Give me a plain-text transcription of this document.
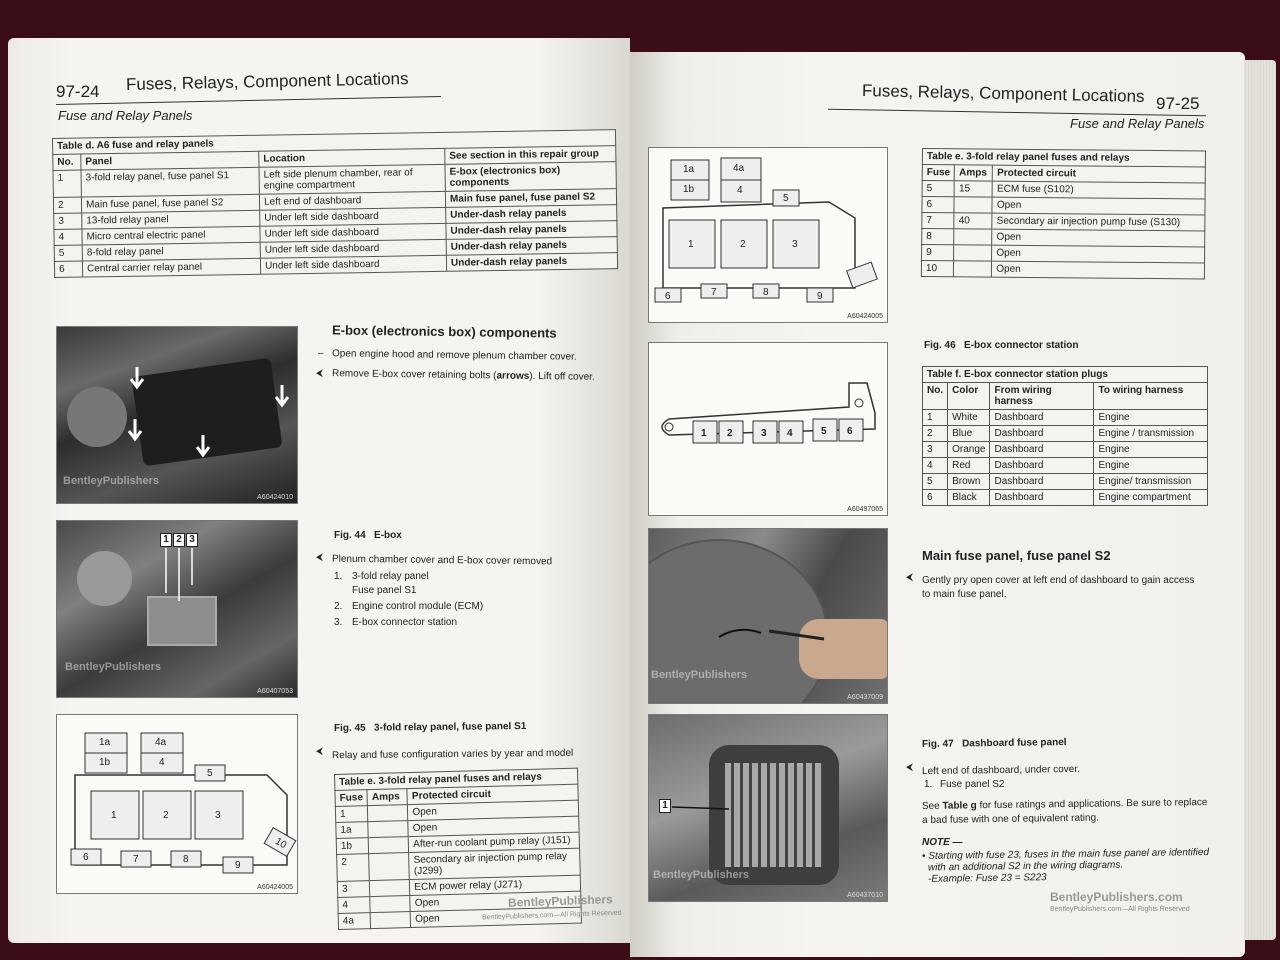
97-24 Fuses, Relays, Component Locations
Fuse and Relay Panels
Table d. A6 fuse and relay panels			
No.	Panel	Location	See section in this repair group
1	3-fold relay panel, fuse panel S1	Left side plenum chamber, rear of engine compartment	E-box (electronics box) components
2	Main fuse panel, fuse panel S2	Left end of dashboard	Main fuse panel, fuse panel S2
3	13-fold relay panel	Under left side dashboard	Under-dash relay panels
4	Micro central electric panel	Under left side dashboard	Under-dash relay panels
5	8-fold relay panel	Under left side dashboard	Under-dash relay panels
6	Central carrier relay panel	Under left side dashboard	Under-dash relay panels
BentleyPublishers
A60424010
E-box (electronics box) components
– Open engine hood and remove plenum chamber cover.
⮜ Remove E-box cover retaining bolts (arrows). Lift off cover.
1 2 3
BentleyPublishers
A60407053
Fig. 44 E-box
⮜ Plenum chamber cover and E-box cover removed
1. 3-fold relay panel
Fuse panel S1
2. Engine control module (ECM)
3. E-box connector station
1a
1b
4a
4
5
1	2	3
6	7	8
9
10
A60424005
Fig. 45 3-fold relay panel, fuse panel S1
⮜ Relay and fuse configuration varies by year and model
Table e. 3-fold relay panel fuses and relays		
Fuse	Amps	Protected circuit
1		Open
1a		Open
1b		After-run coolant pump relay (J151)
2		Secondary air injection pump relay (J299)
3		ECM power relay (J271)
4		Open
4a		Open
BentleyPublishers
BentleyPublishers.com—All Rights Reserved
Fuses, Relays, Component Locations 97-25
Fuse and Relay Panels
1a
1b
4a
4
5
1	2	3
6	7	8	9
A60424005
Table e. 3-fold relay panel fuses and relays		
Fuse	Amps	Protected circuit
5	15	ECM fuse (S102)
6		Open
7	40	Secondary air injection pump fuse (S130)
8		Open
9		Open
10		Open
Fig. 46 E-box connector station
1 2	3 4	5 6
A60497065
Table f. E-box connector station plugs			
No.	Color	From wiring harness	To wiring harness
1	White	Dashboard	Engine
2	Blue	Dashboard	Engine / transmission
3	Orange	Dashboard	Engine
4	Red	Dashboard	Engine
5	Brown	Dashboard	Engine/ transmission
6	Black	Dashboard	Engine compartment
BentleyPublishers
A60437009
Main fuse panel, fuse panel S2
⮜ Gently pry open cover at left end of dashboard to gain access to main fuse panel.
1
BentleyPublishers
A60437010
Fig. 47 Dashboard fuse panel
⮜ Left end of dashboard, under cover.
1. Fuse panel S2
See Table g for fuse ratings and applications. Be sure to replace a bad fuse with one of equivalent rating.
NOTE —
• Starting with fuse 23, fuses in the main fuse panel are identified
with an additional S2 in the wiring diagrams.
-Example: Fuse 23 = S223
BentleyPublishers.com
BentleyPublishers.com—All Rights Reserved
